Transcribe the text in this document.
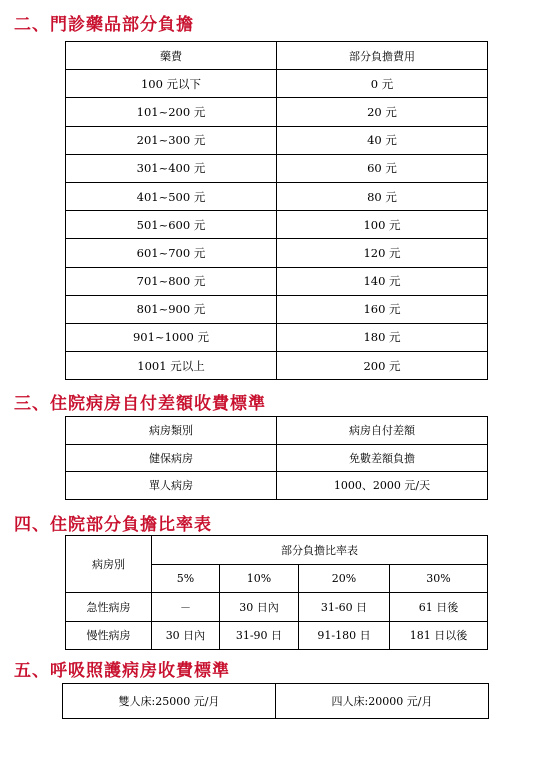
二、門診藥品部分負擔
藥費	部分負擔費用
100 元以下	0 元
101~200 元	20 元
201~300 元	40 元
301~400 元	60 元
401~500 元	80 元
501~600 元	100 元
601~700 元	120 元
701~800 元	140 元
801~900 元	160 元
901~1000 元	180 元
1001 元以上	200 元
三、住院病房自付差額收費標準
病房類別	病房自付差額
健保病房	免數差額負擔
單人病房	1000、2000 元/天
四、住院部分負擔比率表
病房別	部分負擔比率表			
	5%	10%	20%	30%
急性病房	－	30 日內	31-60 日	61 日後
慢性病房	30 日內	31-90 日	91-180 日	181 日以後
五、呼吸照護病房收費標準
雙人床:25000 元/月	四人床:20000 元/月
